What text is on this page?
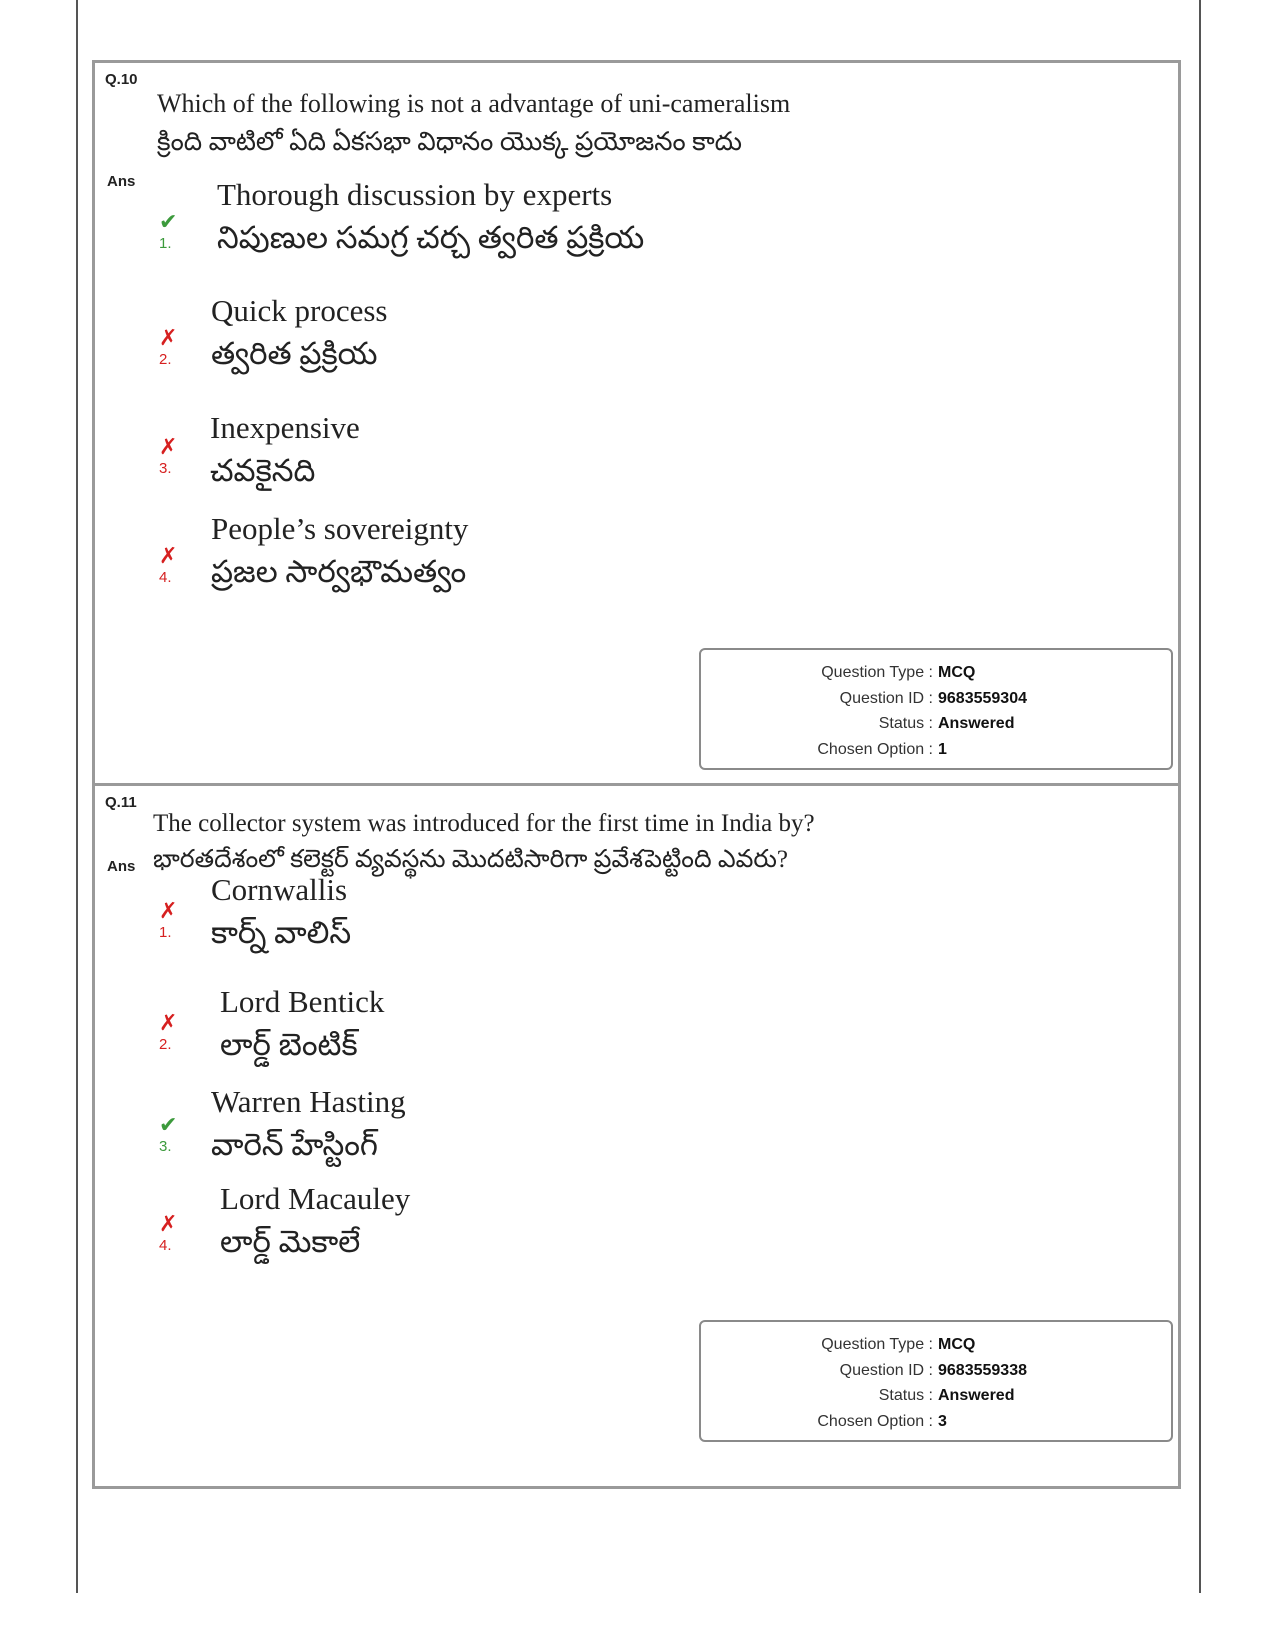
Q.10
Which of the following is not a advantage of uni-cameralism
క్రింది వాటిలో ఏది ఏకసభా విధానం యొక్క ప్రయోజనం కాదు
Ans
✔ 1.
Thorough discussion by experts
నిపుణుల సమగ్ర చర్చ త్వరిత ప్రక్రియ
✗ 2.
Quick process
త్వరిత ప్రక్రియ
✗ 3.
Inexpensive
చవకైనది
✗ 4.
People’s sovereignty
ప్రజల సార్వభౌమత్వం
Question Type :	MCQ
Question ID :	9683559304
Status :	Answered
Chosen Option :	1
Q.11
The collector system was introduced for the first time in India by?
భారతదేశంలో కలెక్టర్ వ్యవస్థను మొదటిసారిగా ప్రవేశపెట్టింది ఎవరు?
Ans
✗ 1.
Cornwallis
కార్న్ వాలిస్
✗ 2.
Lord Bentick
లార్డ్ బెంటిక్
✔ 3.
Warren Hasting
వారెన్ హేస్టింగ్
✗ 4.
Lord Macauley
లార్డ్ మెకాలే
Question Type :	MCQ
Question ID :	9683559338
Status :	Answered
Chosen Option :	3
